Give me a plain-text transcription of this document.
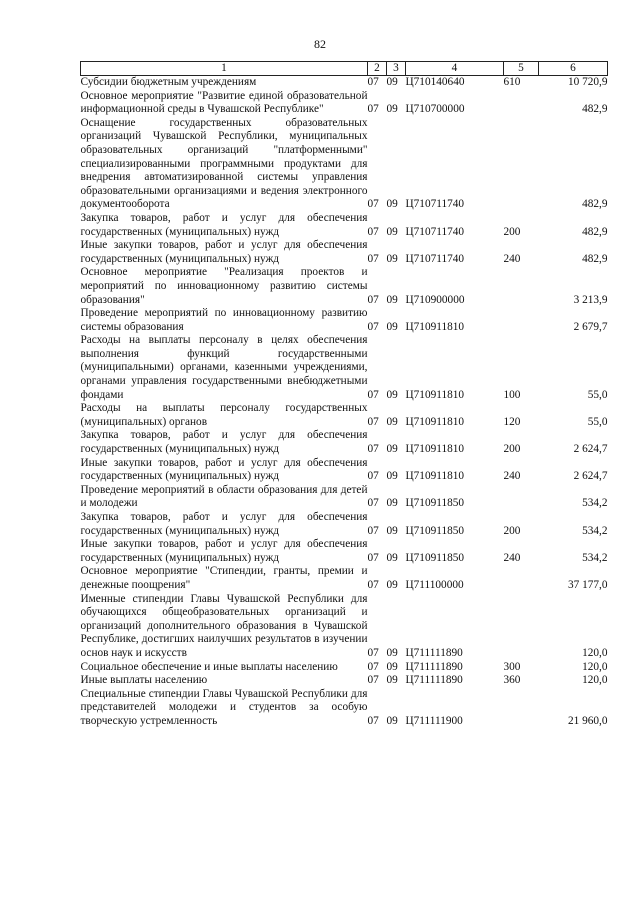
82
1	2	3	4	5	6
Субсидии бюджетным учреждениям	07	09	Ц710140640	610	10 720,9
Основное мероприятие "Развитие единой образовательной информационной среды в Чувашской Республике"	07	09	Ц710700000		482,9
Оснащение государственных образовательных организаций Чувашской Республики, муниципальных образовательных организаций "платформенными" специализированными программными продуктами для внедрения автоматизированной системы управления образовательными организациями и ведения электронного документооборота	07	09	Ц710711740		482,9
Закупка товаров, работ и услуг для обеспечения государственных (муниципальных) нужд	07	09	Ц710711740	200	482,9
Иные закупки товаров, работ и услуг для обеспечения государственных (муниципальных) нужд	07	09	Ц710711740	240	482,9
Основное мероприятие "Реализация проектов и мероприятий по инновационному развитию системы образования"	07	09	Ц710900000		3 213,9
Проведение мероприятий по инновационному развитию системы образования	07	09	Ц710911810		2 679,7
Расходы на выплаты персоналу в целях обеспечения выполнения функций государственными (муниципальными) органами, казенными учреждениями, органами управления государственными внебюджетными фондами	07	09	Ц710911810	100	55,0
Расходы на выплаты персоналу государственных (муниципальных) органов	07	09	Ц710911810	120	55,0
Закупка товаров, работ и услуг для обеспечения государственных (муниципальных) нужд	07	09	Ц710911810	200	2 624,7
Иные закупки товаров, работ и услуг для обеспечения государственных (муниципальных) нужд	07	09	Ц710911810	240	2 624,7
Проведение мероприятий в области образования для детей и молодежи	07	09	Ц710911850		534,2
Закупка товаров, работ и услуг для обеспечения государственных (муниципальных) нужд	07	09	Ц710911850	200	534,2
Иные закупки товаров, работ и услуг для обеспечения государственных (муниципальных) нужд	07	09	Ц710911850	240	534,2
Основное мероприятие "Стипендии, гранты, премии и денежные поощрения"	07	09	Ц711100000		37 177,0
Именные стипендии Главы Чувашской Республики для обучающихся общеобразовательных организаций и организаций дополнительного образования в Чувашской Республике, достигших наилучших результатов в изучении основ наук и искусств	07	09	Ц711111890		120,0
Социальное обеспечение и иные выплаты населению	07	09	Ц711111890	300	120,0
Иные выплаты населению	07	09	Ц711111890	360	120,0
Специальные стипендии Главы Чувашской Республики для представителей молодежи и студентов за особую творческую устремленность	07	09	Ц711111900		21 960,0
